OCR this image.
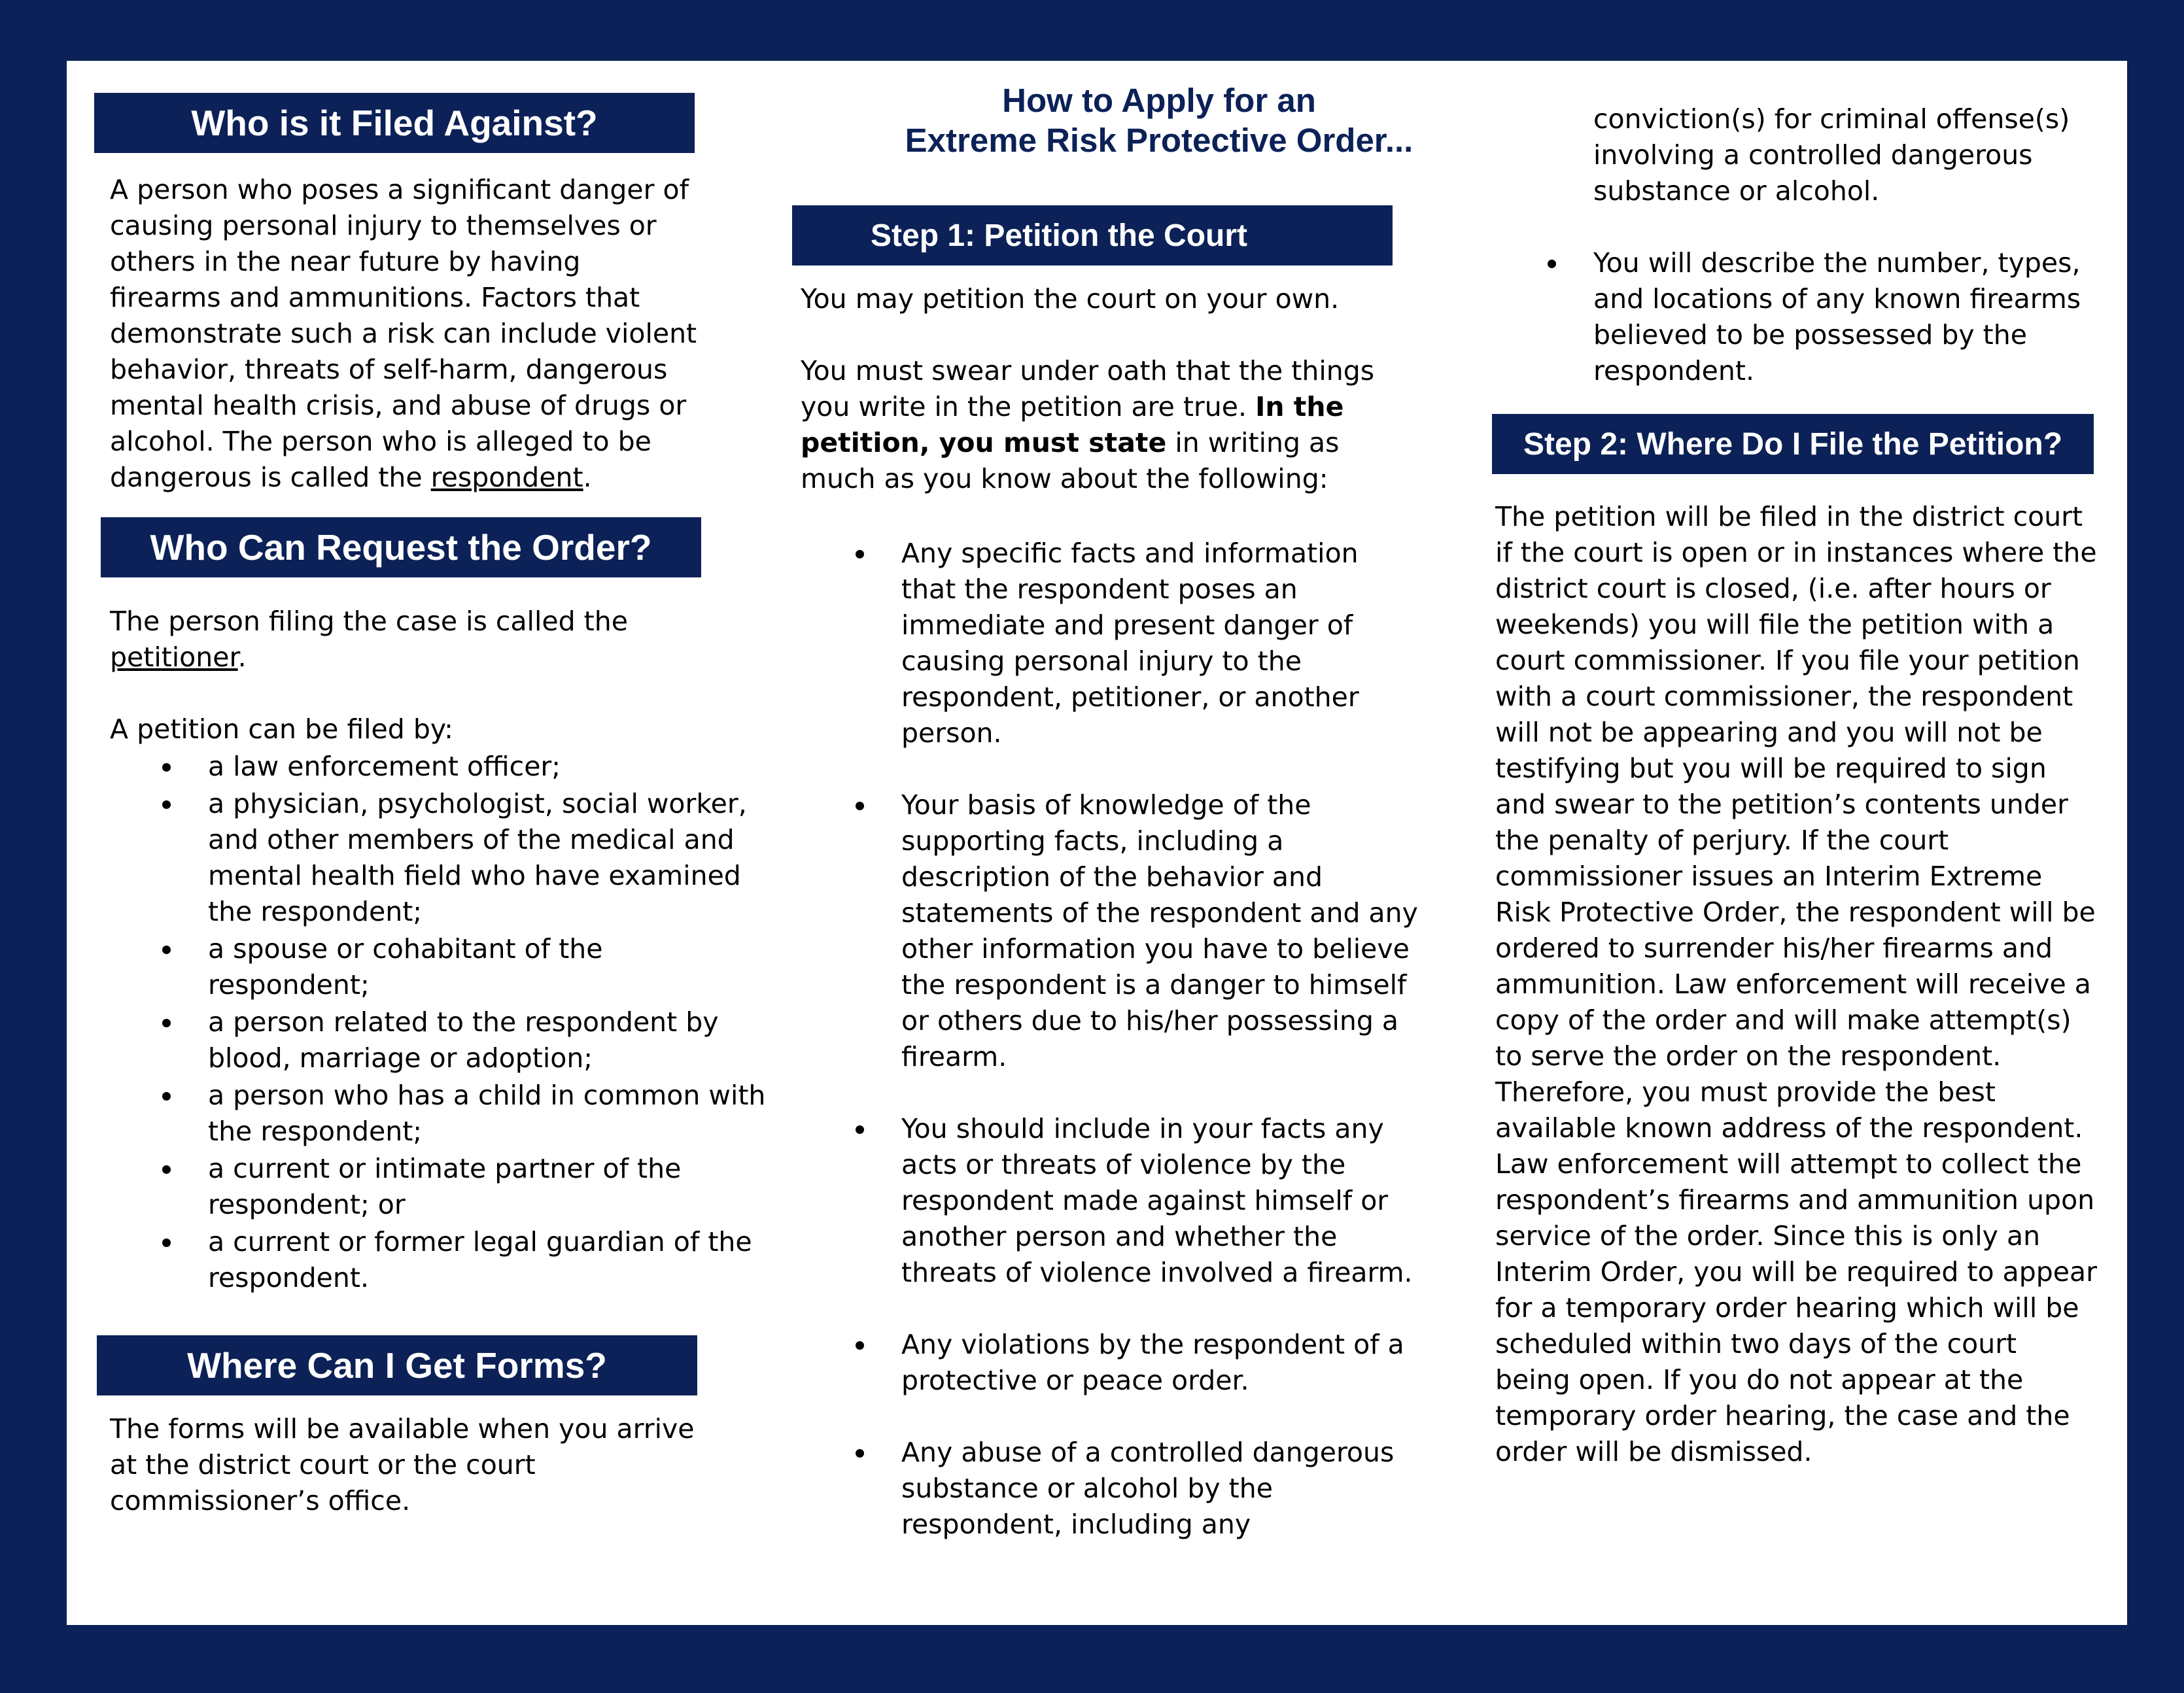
Who is it Filed Against?

A person who poses a significant danger of causing personal injury to themselves or others in the near future by having firearms and ammunitions. Factors that demonstrate such a risk can include violent behavior, threats of self-harm, dangerous mental health crisis, and abuse of drugs or alcohol. The person who is alleged to be dangerous is called the respondent.

Who Can Request the Order?

The person filing the case is called the
petitioner.

A petition can be filed by:

a law enforcement officer;
a physician, psychologist, social worker, and other members of the medical and mental health field who have examined the respondent;
a spouse or cohabitant of the respondent;
a person related to the respondent by blood, marriage or adoption;
a person who has a child in common with the respondent;
a current or intimate partner of the respondent; or
a current or former legal guardian of the respondent.
Where Can I Get Forms?

The forms will be available when you arrive at the district court or the court commissioner’s office.

How to Apply for an
Extreme Risk Protective Order...
Step 1: Petition the Court

You may petition the court on your own.

You must swear under oath that the things you write in the petition are true. In the petition, you must state in writing as much as you know about the following:

Any specific facts and information that the respondent poses an immediate and present danger of causing personal injury to the respondent, petitioner, or another person.
Your basis of knowledge of the supporting facts, including a description of the behavior and statements of the respondent and any other information you have to believe the respondent is a danger to himself or others due to his/her possessing a firearm.
You should include in your facts any acts or threats of violence by the respondent made against himself or another person and whether the threats of violence involved a firearm.
Any violations by the respondent of a protective or peace order.
Any abuse of a controlled dangerous substance or alcohol by the respondent, including any

conviction(s) for criminal offense(s) involving a controlled dangerous substance or alcohol.

You will describe the number, types, and locations of any known firearms believed to be possessed by the respondent.
Step 2: Where Do I File the Petition?

The petition will be filed in the district court if the court is open or in instances where the district court is closed, (i.e. after hours or weekends) you will file the petition with a court commissioner. If you file your petition with a court commissioner, the respondent will not be appearing and you will not be testifying but you will be required to sign and swear to the petition’s contents under the penalty of perjury. If the court commissioner issues an Interim Extreme Risk Protective Order, the respondent will be ordered to surrender his/her firearms and ammunition. Law enforcement will receive a copy of the order and will make attempt(s) to serve the order on the respondent. Therefore, you must provide the best available known address of the respondent. Law enforcement will attempt to collect the respondent’s firearms and ammunition upon service of the order. Since this is only an Interim Order, you will be required to appear for a temporary order hearing which will be scheduled within two days of the court being open. If you do not appear at the temporary order hearing, the case and the order will be dismissed.
